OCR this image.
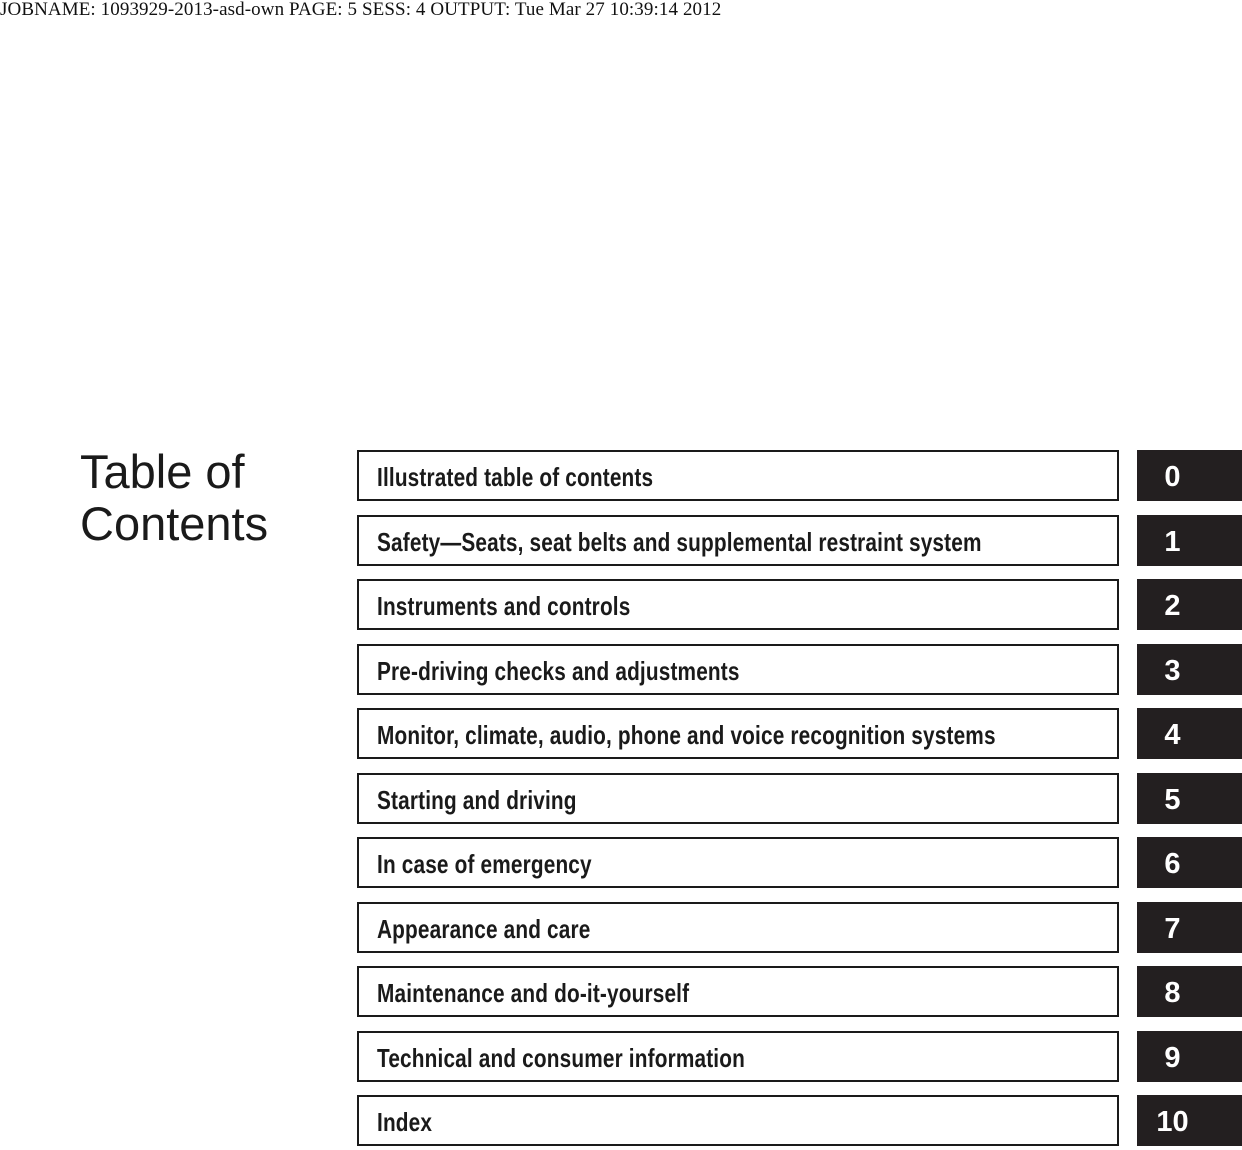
JOBNAME: 1093929-2013-asd-own PAGE: 5 SESS: 4 OUTPUT: Tue Mar 27 10:39:14 2012
Table of
Contents
Illustrated table of contents	0
Safety—Seats, seat belts and supplemental restraint system	1
Instruments and controls	2
Pre-driving checks and adjustments	3
Monitor, climate, audio, phone and voice recognition systems	4
Starting and driving	5
In case of emergency	6
Appearance and care	7
Maintenance and do-it-yourself	8
Technical and consumer information	9
Index	10
